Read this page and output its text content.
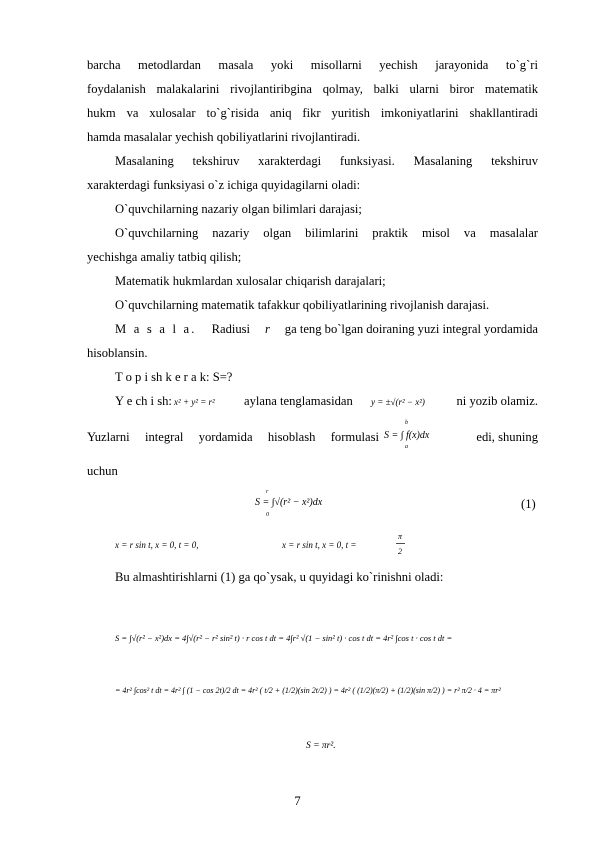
barcha metodlardan masala yoki misollarni yechish jarayonida to`g`ri
foydalanish malakalarini rivojlantiribgina qolmay, balki ularni biror matematik
hukm va xulosalar to`g`risida aniq fikr yuritish imkoniyatlarini shakllantiradi
hamda masalalar yechish qobiliyatlarini rivojlantiradi.
Masalaning tekshiruv xarakterdagi funksiyasi. Masalaning tekshiruv
xarakterdagi funksiyasi o`z ichiga quyidagilarni oladi:
O`quvchilarning nazariy olgan bilimlari darajasi;
O`quvchilarning nazariy olgan bilimlarini praktik misol va masalalar
yechishga amaliy tatbiq qilish;
Matematik hukmlardan xulosalar chiqarish darajalari;
O`quvchilarning matematik tafakkur qobiliyatlarining rivojlanish darajasi.
M a s a l a. Radiusi r ga teng bo`lgan doiraning yuzi integral yordamida
hisoblansin.
T o p i sh k e r a k: S=?
Y e ch i sh: x² + y² = r² aylana tenglamasidan	y = ±√(r² − x²)	ni yozib olamiz.
Yuzlarni integral yordamida hisoblash formulasi S = ∫ f(x)dx
b
a
edi, shuning
uchun
S = ∫√(r² − x²)dx
r
0
(1)
x = r sin t, x = 0, t = 0,	x = r sin t, x = 0, t =
π
2
Bu almashtirishlarni (1) ga qo`ysak, u quyidagi ko`rinishni oladi:
S = ∫√(r² − x²)dx = 4∫√(r² − r² sin² t) · r cos t dt = 4∫r² √(1 − sin² t) · cos t dt = 4r² ∫cos t · cos t dt =
= 4r² ∫cos² t dt = 4r² ∫ (1 − cos 2t)/2 dt = 4r² ( t/2 + (1/2)(sin 2t/2) ) = 4r² ( (1/2)(π/2) + (1/2)(sin π/2) ) = r² π/2 · 4 = πr²
S = πr².
7
